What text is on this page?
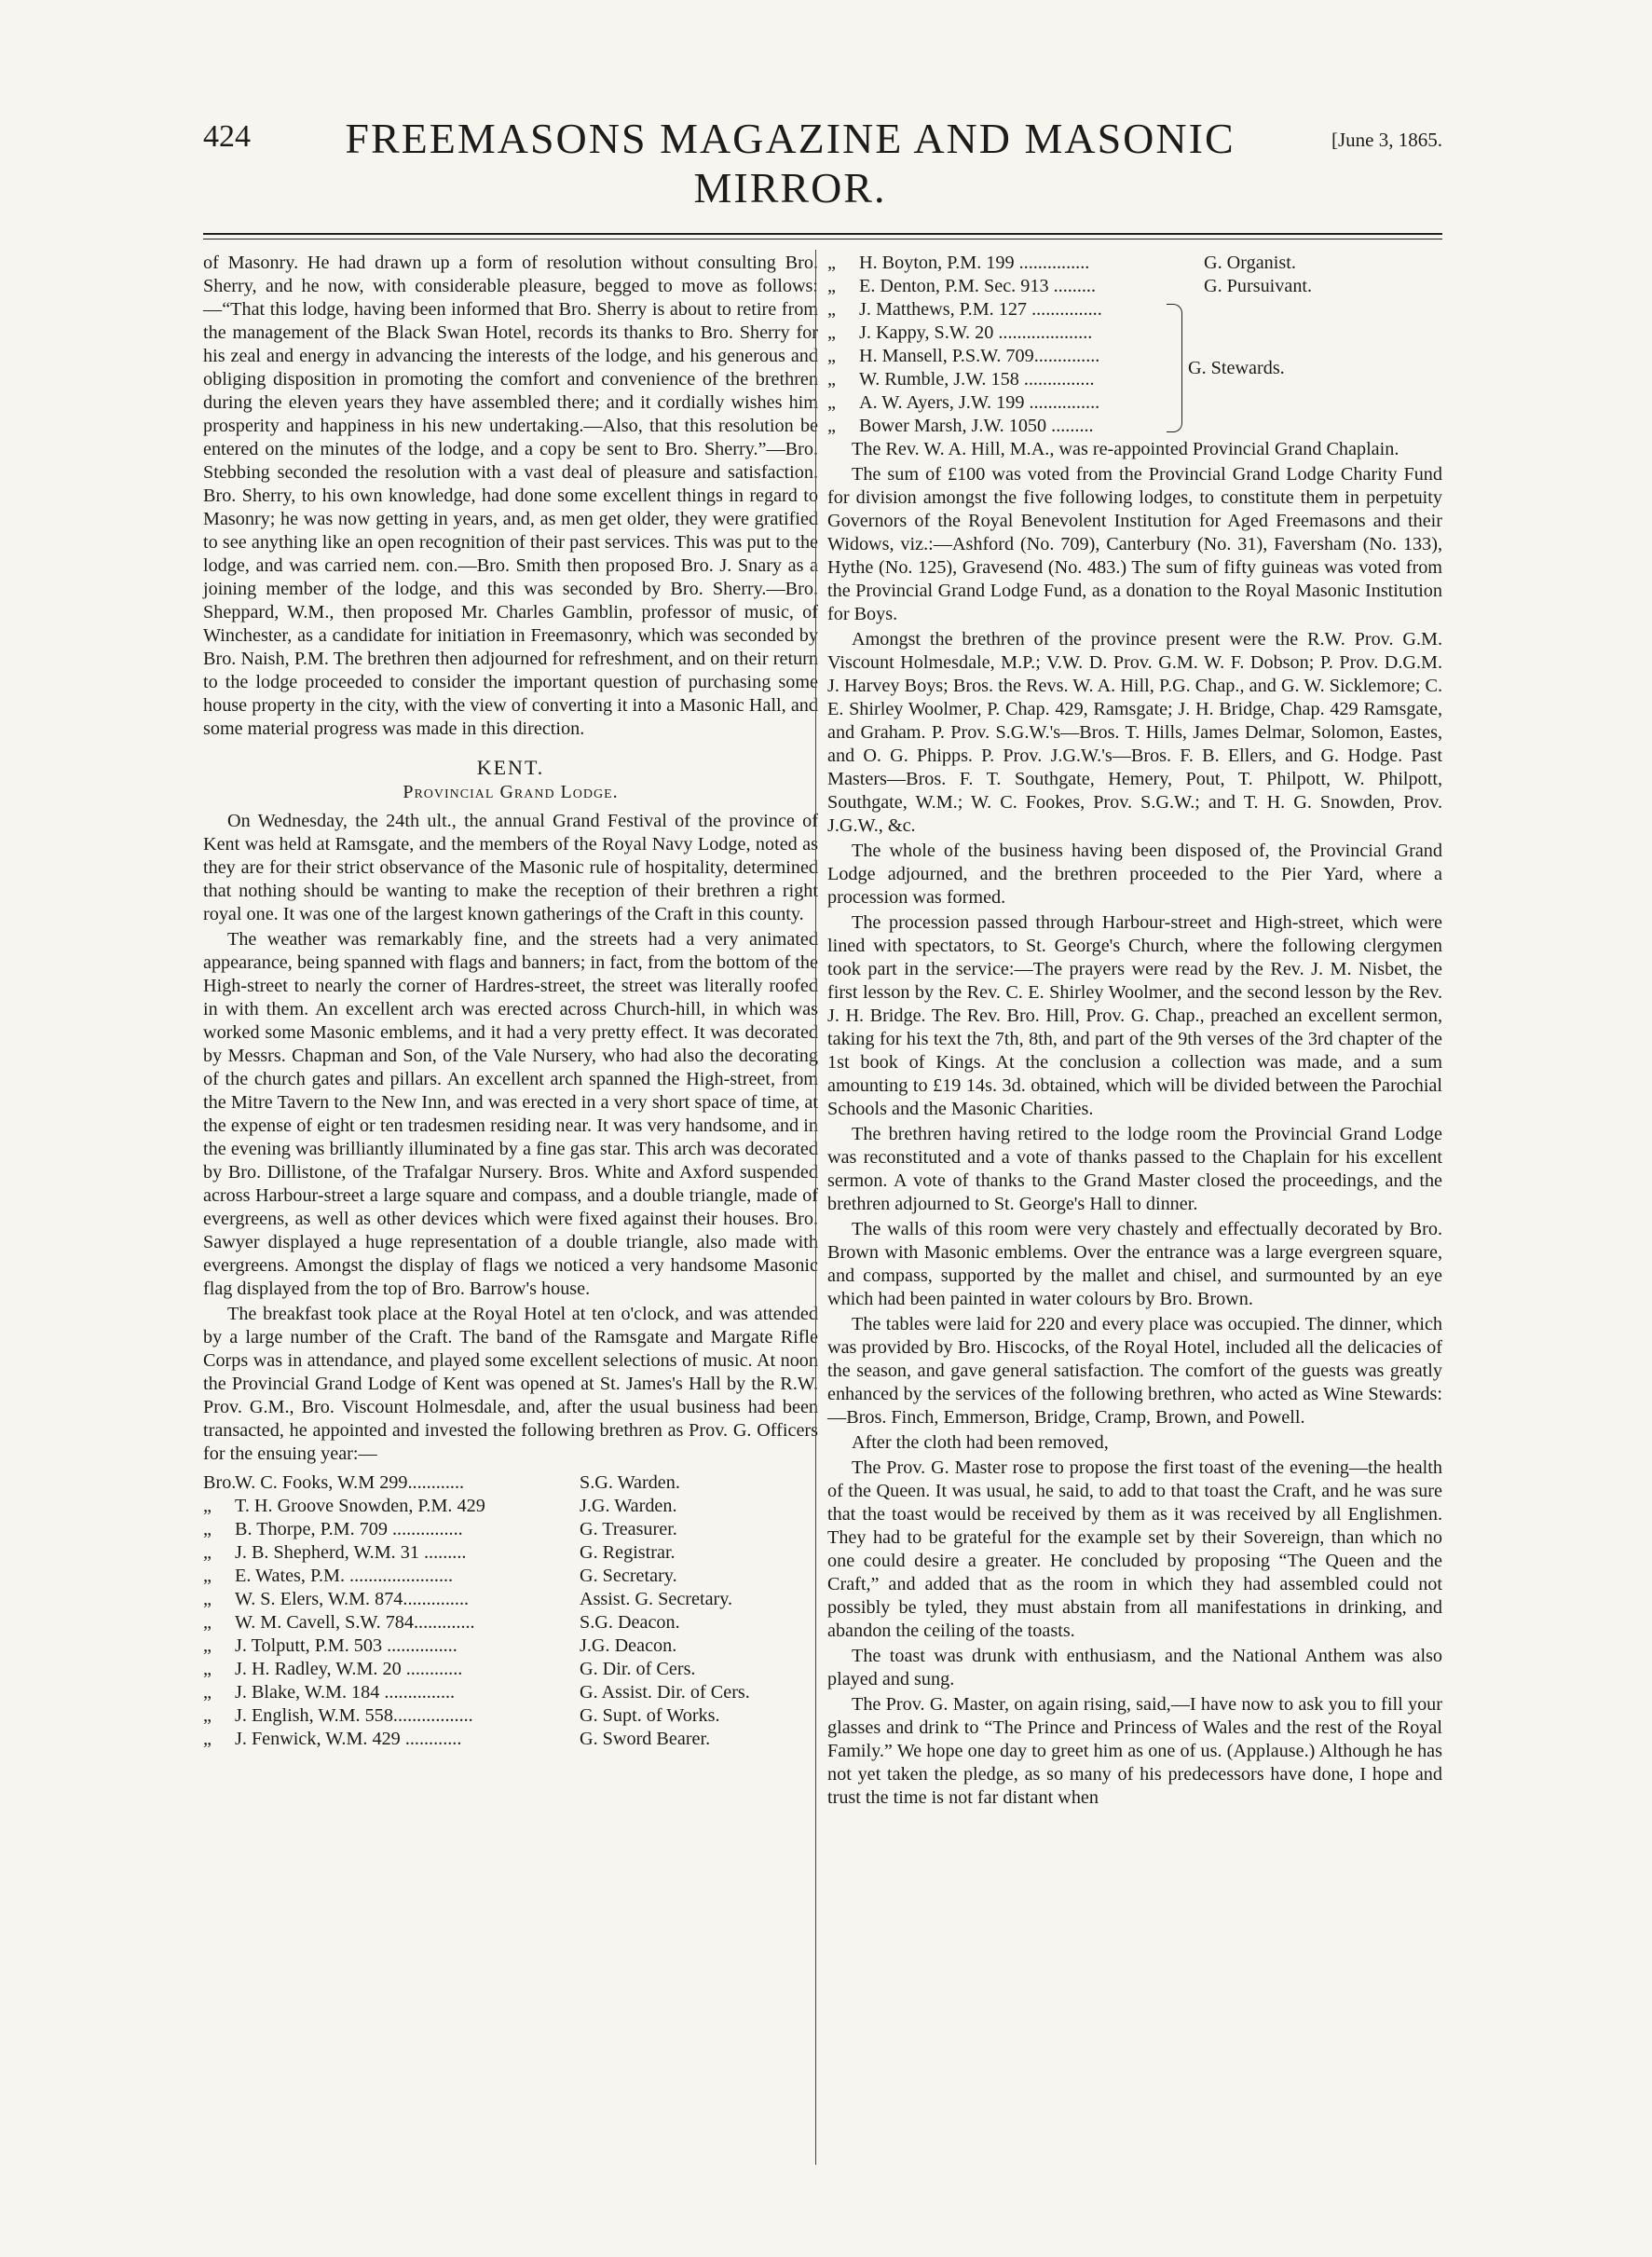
424	FREEMASONS MAGAZINE AND MASONIC MIRROR.
[June 3, 1865.

of Masonry. He had drawn up a form of resolution without consulting Bro. Sherry, and he now, with considerable pleasure, begged to move as follows:—“That this lodge, having been informed that Bro. Sherry is about to retire from the management of the Black Swan Hotel, records its thanks to Bro. Sherry for his zeal and energy in advancing the interests of the lodge, and his generous and obliging disposition in promoting the comfort and convenience of the brethren during the eleven years they have assembled there; and it cordially wishes him prosperity and happiness in his new undertaking.—Also, that this resolution be entered on the minutes of the lodge, and a copy be sent to Bro. Sherry.”—Bro. Stebbing seconded the resolution with a vast deal of pleasure and satisfaction. Bro. Sherry, to his own knowledge, had done some excellent things in regard to Masonry; he was now getting in years, and, as men get older, they were gratified to see anything like an open recognition of their past services. This was put to the lodge, and was carried nem. con.—Bro. Smith then proposed Bro. J. Snary as a joining member of the lodge, and this was seconded by Bro. Sherry.—Bro. Sheppard, W.M., then proposed Mr. Charles Gamblin, professor of music, of Winchester, as a candidate for initiation in Freemasonry, which was seconded by Bro. Naish, P.M. The brethren then adjourned for refreshment, and on their return to the lodge proceeded to consider the important question of purchasing some house property in the city, with the view of converting it into a Masonic Hall, and some material progress was made in this direction.

KENT.
Provincial Grand Lodge.

On Wednesday, the 24th ult., the annual Grand Festival of the province of Kent was held at Ramsgate, and the members of the Royal Navy Lodge, noted as they are for their strict observance of the Masonic rule of hospitality, determined that nothing should be wanting to make the reception of their brethren a right royal one. It was one of the largest known gatherings of the Craft in this county.

The weather was remarkably fine, and the streets had a very animated appearance, being spanned with flags and banners; in fact, from the bottom of the High-street to nearly the corner of Hardres-street, the street was literally roofed in with them. An excellent arch was erected across Church-hill, in which was worked some Masonic emblems, and it had a very pretty effect. It was decorated by Messrs. Chapman and Son, of the Vale Nursery, who had also the decorating of the church gates and pillars. An excellent arch spanned the High-street, from the Mitre Tavern to the New Inn, and was erected in a very short space of time, at the expense of eight or ten tradesmen residing near. It was very handsome, and in the evening was brilliantly illuminated by a fine gas star. This arch was decorated by Bro. Dillistone, of the Trafalgar Nursery. Bros. White and Axford suspended across Harbour-street a large square and compass, and a double triangle, made of evergreens, as well as other devices which were fixed against their houses. Bro. Sawyer displayed a huge representation of a double triangle, also made with evergreens. Amongst the display of flags we noticed a very handsome Masonic flag displayed from the top of Bro. Barrow's house.

The breakfast took place at the Royal Hotel at ten o'clock, and was attended by a large number of the Craft. The band of the Ramsgate and Margate Rifle Corps was in attendance, and played some excellent selections of music. At noon the Provincial Grand Lodge of Kent was opened at St. James's Hall by the R.W. Prov. G.M., Bro. Viscount Holmesdale, and, after the usual business had been transacted, he appointed and invested the following brethren as Prov. G. Officers for the ensuing year:—

Bro.
W. C. Fooks, W.M 299............	S.G. Warden.
„	T. H. Groove Snowden, P.M. 429	J.G. Warden.
„	B. Thorpe, P.M. 709 ...............	G. Treasurer.
„	J. B. Shepherd, W.M. 31 .........	G. Registrar.
„	E. Wates, P.M. ......................	G. Secretary.
„	W. S. Elers, W.M. 874..............	Assist. G. Secretary.
„	W. M. Cavell, S.W. 784.............	S.G. Deacon.
„	J. Tolputt, P.M. 503 ...............	J.G. Deacon.
„	J. H. Radley, W.M. 20 ............	G. Dir. of Cers.
„	J. Blake, W.M. 184 ...............	G. Assist. Dir. of Cers.
„	J. English, W.M. 558.................	G. Supt. of Works.
„	J. Fenwick, W.M. 429 ............	G. Sword Bearer.
„	H. Boyton, P.M. 199 ...............	G. Organist.
„	E. Denton, P.M. Sec. 913 .........	G. Pursuivant.
„	J. Matthews, P.M. 127 ...............
„	J. Kappy, S.W. 20 ....................
„	H. Mansell, P.S.W. 709..............
„	W. Rumble, J.W. 158 ...............
„	A. W. Ayers, J.W. 199 ...............
„	Bower Marsh, J.W. 1050 .........
G. Stewards.

The Rev. W. A. Hill, M.A., was re-appointed Provincial Grand Chaplain.

The sum of £100 was voted from the Provincial Grand Lodge Charity Fund for division amongst the five following lodges, to constitute them in perpetuity Governors of the Royal Benevolent Institution for Aged Freemasons and their Widows, viz.:—Ashford (No. 709), Canterbury (No. 31), Faversham (No. 133), Hythe (No. 125), Gravesend (No. 483.) The sum of fifty guineas was voted from the Provincial Grand Lodge Fund, as a donation to the Royal Masonic Institution for Boys.

Amongst the brethren of the province present were the R.W. Prov. G.M. Viscount Holmesdale, M.P.; V.W. D. Prov. G.M. W. F. Dobson; P. Prov. D.G.M. J. Harvey Boys; Bros. the Revs. W. A. Hill, P.G. Chap., and G. W. Sicklemore; C. E. Shirley Woolmer, P. Chap. 429, Ramsgate; J. H. Bridge, Chap. 429 Ramsgate, and Graham. P. Prov. S.G.W.'s—Bros. T. Hills, James Delmar, Solomon, Eastes, and O. G. Phipps. P. Prov. J.G.W.'s—Bros. F. B. Ellers, and G. Hodge. Past Masters—Bros. F. T. Southgate, Hemery, Pout, T. Philpott, W. Philpott, Southgate, W.M.; W. C. Fookes, Prov. S.G.W.; and T. H. G. Snowden, Prov. J.G.W., &c.

The whole of the business having been disposed of, the Provincial Grand Lodge adjourned, and the brethren proceeded to the Pier Yard, where a procession was formed.

The procession passed through Harbour-street and High-street, which were lined with spectators, to St. George's Church, where the following clergymen took part in the service:—The prayers were read by the Rev. J. M. Nisbet, the first lesson by the Rev. C. E. Shirley Woolmer, and the second lesson by the Rev. J. H. Bridge. The Rev. Bro. Hill, Prov. G. Chap., preached an excellent sermon, taking for his text the 7th, 8th, and part of the 9th verses of the 3rd chapter of the 1st book of Kings. At the conclusion a collection was made, and a sum amounting to £19 14s. 3d. obtained, which will be divided between the Parochial Schools and the Masonic Charities.

The brethren having retired to the lodge room the Provincial Grand Lodge was reconstituted and a vote of thanks passed to the Chaplain for his excellent sermon. A vote of thanks to the Grand Master closed the proceedings, and the brethren adjourned to St. George's Hall to dinner.

The walls of this room were very chastely and effectually decorated by Bro. Brown with Masonic emblems. Over the entrance was a large evergreen square, and compass, supported by the mallet and chisel, and surmounted by an eye which had been painted in water colours by Bro. Brown.

The tables were laid for 220 and every place was occupied. The dinner, which was provided by Bro. Hiscocks, of the Royal Hotel, included all the delicacies of the season, and gave general satisfaction. The comfort of the guests was greatly enhanced by the services of the following brethren, who acted as Wine Stewards:—Bros. Finch, Emmerson, Bridge, Cramp, Brown, and Powell.

After the cloth had been removed,

The Prov. G. Master rose to propose the first toast of the evening—the health of the Queen. It was usual, he said, to add to that toast the Craft, and he was sure that the toast would be received by them as it was received by all Englishmen. They had to be grateful for the example set by their Sovereign, than which no one could desire a greater. He concluded by proposing “The Queen and the Craft,” and added that as the room in which they had assembled could not possibly be tyled, they must abstain from all manifestations in drinking, and abandon the ceiling of the toasts.

The toast was drunk with enthusiasm, and the National Anthem was also played and sung.

The Prov. G. Master, on again rising, said,—I have now to ask you to fill your glasses and drink to “The Prince and Princess of Wales and the rest of the Royal Family.” We hope one day to greet him as one of us. (Applause.) Although he has not yet taken the pledge, as so many of his predecessors have done, I hope and trust the time is not far distant when
